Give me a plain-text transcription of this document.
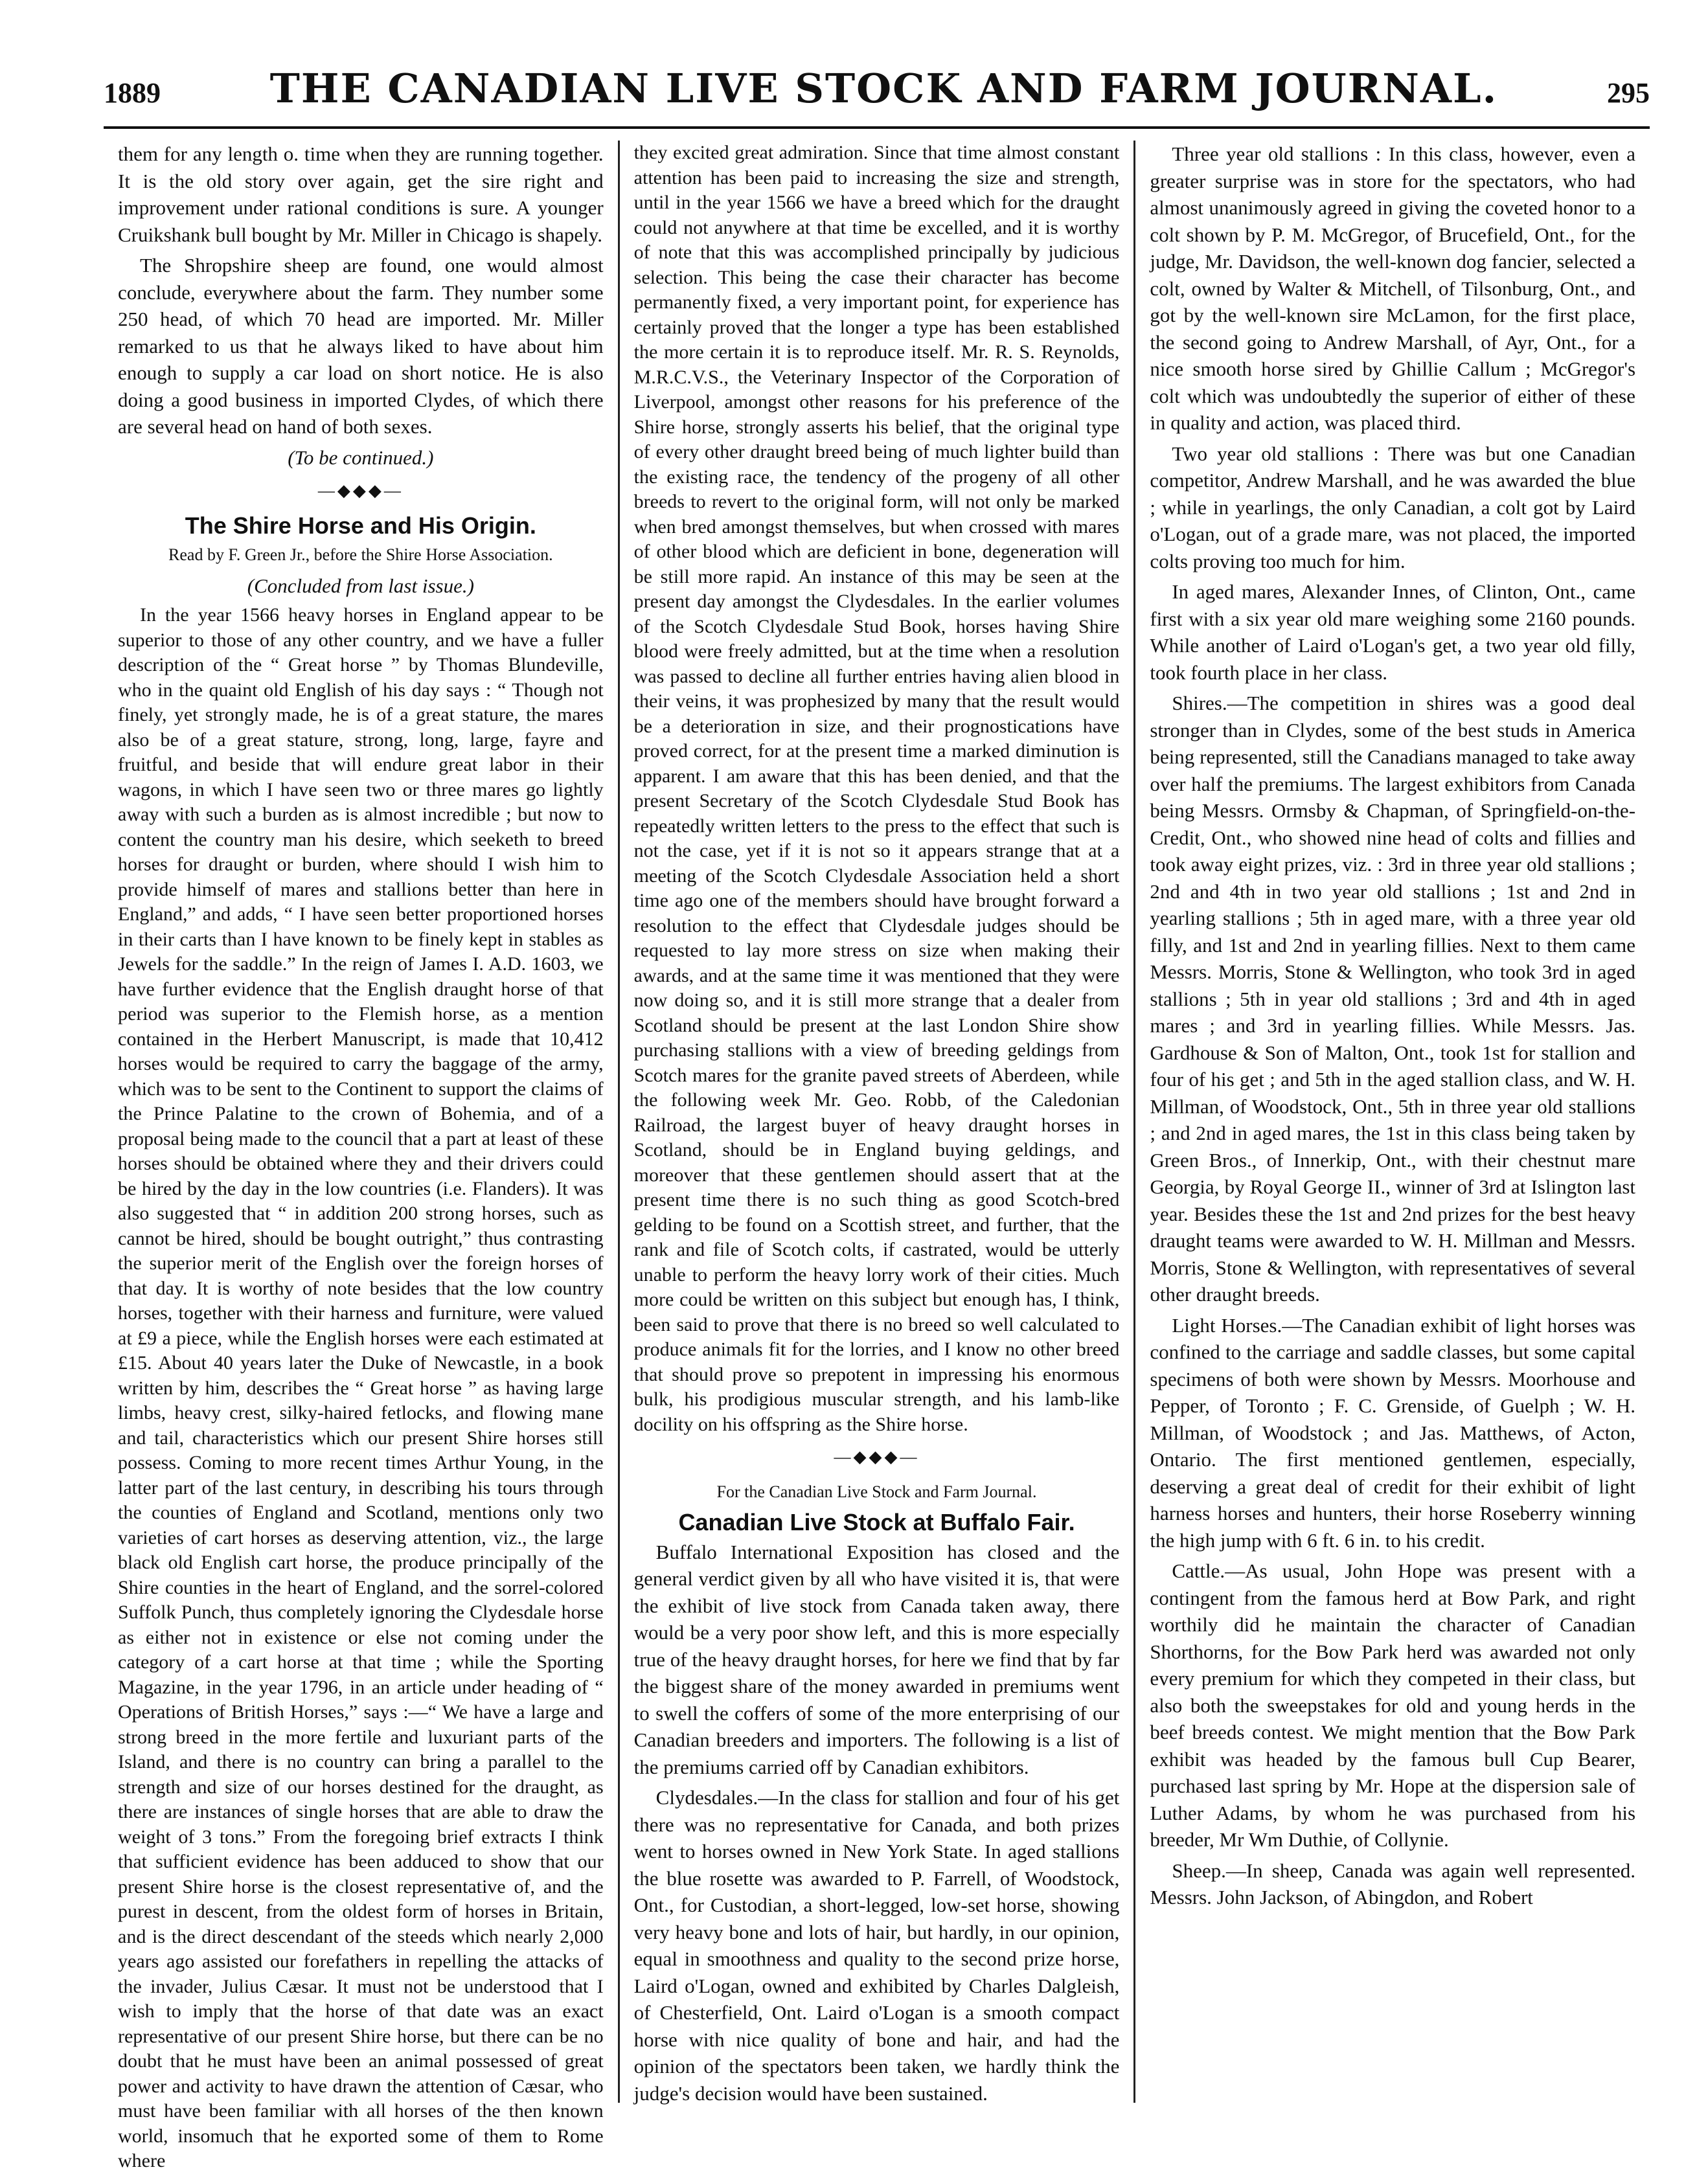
1889	THE CANADIAN LIVE STOCK AND FARM JOURNAL.	295

them for any length o. time when they are running together. It is the old story over again, get the sire right and improvement under rational conditions is sure. A younger Cruikshank bull bought by Mr. Miller in Chicago is shapely.

The Shropshire sheep are found, one would almost conclude, everywhere about the farm. They number some 250 head, of which 70 head are imported. Mr. Miller remarked to us that he always liked to have about him enough to supply a car load on short notice. He is also doing a good business in imported Clydes, of which there are several head on hand of both sexes.

(To be continued.)

—◆◆◆—
The Shire Horse and His Origin.
Read by F. Green Jr., before the Shire Horse Association.

(Concluded from last issue.)

In the year 1566 heavy horses in England appear to be superior to those of any other country, and we have a fuller description of the “ Great horse ” by Thomas Blundeville, who in the quaint old English of his day says : “ Though not finely, yet strongly made, he is of a great stature, the mares also be of a great stature, strong, long, large, fayre and fruitful, and beside that will endure great labor in their wagons, in which I have seen two or three mares go lightly away with such a burden as is almost incredible ; but now to content the country man his desire, which seeketh to breed horses for draught or burden, where should I wish him to provide himself of mares and stallions better than here in England,” and adds, “ I have seen better proportioned horses in their carts than I have known to be finely kept in stables as Jewels for the saddle.” In the reign of James I. A.D. 1603, we have further evidence that the English draught horse of that period was superior to the Flemish horse, as a mention contained in the Herbert Manuscript, is made that 10,412 horses would be required to carry the baggage of the army, which was to be sent to the Continent to support the claims of the Prince Palatine to the crown of Bohemia, and of a proposal being made to the council that a part at least of these horses should be obtained where they and their drivers could be hired by the day in the low countries (i.e. Flanders). It was also suggested that “ in addition 200 strong horses, such as cannot be hired, should be bought outright,” thus contrasting the superior merit of the English over the foreign horses of that day. It is worthy of note besides that the low country horses, together with their harness and furniture, were valued at £9 a piece, while the English horses were each estimated at £15. About 40 years later the Duke of Newcastle, in a book written by him, describes the “ Great horse ” as having large limbs, heavy crest, silky-haired fetlocks, and flowing mane and tail, characteristics which our present Shire horses still possess. Coming to more recent times Arthur Young, in the latter part of the last century, in describing his tours through the counties of England and Scotland, mentions only two varieties of cart horses as deserving attention, viz., the large black old English cart horse, the produce principally of the Shire counties in the heart of England, and the sorrel-colored Suffolk Punch, thus completely ignoring the Clydesdale horse as either not in existence or else not coming under the category of a cart horse at that time ; while the Sporting Magazine, in the year 1796, in an article under heading of “ Operations of British Horses,” says :—“ We have a large and strong breed in the more fertile and luxuriant parts of the Island, and there is no country can bring a parallel to the strength and size of our horses destined for the draught, as there are instances of single horses that are able to draw the weight of 3 tons.” From the foregoing brief extracts I think that sufficient evidence has been adduced to show that our present Shire horse is the closest representative of, and the purest in descent, from the oldest form of horses in Britain, and is the direct descendant of the steeds which nearly 2,000 years ago assisted our forefathers in repelling the attacks of the invader, Julius Cæsar. It must not be understood that I wish to imply that the horse of that date was an exact representative of our present Shire horse, but there can be no doubt that he must have been an animal possessed of great power and activity to have drawn the attention of Cæsar, who must have been familiar with all horses of the then known world, insomuch that he exported some of them to Rome where

they excited great admiration. Since that time almost constant attention has been paid to increasing the size and strength, until in the year 1566 we have a breed which for the draught could not anywhere at that time be excelled, and it is worthy of note that this was accomplished principally by judicious selection. This being the case their character has become permanently fixed, a very important point, for experience has certainly proved that the longer a type has been established the more certain it is to reproduce itself. Mr. R. S. Reynolds, M.R.C.V.S., the Veterinary Inspector of the Corporation of Liverpool, amongst other reasons for his preference of the Shire horse, strongly asserts his belief, that the original type of every other draught breed being of much lighter build than the existing race, the tendency of the progeny of all other breeds to revert to the original form, will not only be marked when bred amongst themselves, but when crossed with mares of other blood which are deficient in bone, degeneration will be still more rapid. An instance of this may be seen at the present day amongst the Clydesdales. In the earlier volumes of the Scotch Clydesdale Stud Book, horses having Shire blood were freely admitted, but at the time when a resolution was passed to decline all further entries having alien blood in their veins, it was prophesized by many that the result would be a deterioration in size, and their prognostications have proved correct, for at the present time a marked diminution is apparent. I am aware that this has been denied, and that the present Secretary of the Scotch Clydesdale Stud Book has repeatedly written letters to the press to the effect that such is not the case, yet if it is not so it appears strange that at a meeting of the Scotch Clydesdale Association held a short time ago one of the members should have brought forward a resolution to the effect that Clydesdale judges should be requested to lay more stress on size when making their awards, and at the same time it was mentioned that they were now doing so, and it is still more strange that a dealer from Scotland should be present at the last London Shire show purchasing stallions with a view of breeding geldings from Scotch mares for the granite paved streets of Aberdeen, while the following week Mr. Geo. Robb, of the Caledonian Railroad, the largest buyer of heavy draught horses in Scotland, should be in England buying geldings, and moreover that these gentlemen should assert that at the present time there is no such thing as good Scotch-bred gelding to be found on a Scottish street, and further, that the rank and file of Scotch colts, if castrated, would be utterly unable to perform the heavy lorry work of their cities. Much more could be written on this subject but enough has, I think, been said to prove that there is no breed so well calculated to produce animals fit for the lorries, and I know no other breed that should prove so prepotent in impressing his enormous bulk, his prodigious muscular strength, and his lamb-like docility on his offspring as the Shire horse.

—◆◆◆—
For the Canadian Live Stock and Farm Journal.
Canadian Live Stock at Buffalo Fair.

Buffalo International Exposition has closed and the general verdict given by all who have visited it is, that were the exhibit of live stock from Canada taken away, there would be a very poor show left, and this is more especially true of the heavy draught horses, for here we find that by far the biggest share of the money awarded in premiums went to swell the coffers of some of the more enterprising of our Canadian breeders and importers. The following is a list of the premiums carried off by Canadian exhibitors.

Clydesdales.—In the class for stallion and four of his get there was no representative for Canada, and both prizes went to horses owned in New York State. In aged stallions the blue rosette was awarded to P. Farrell, of Woodstock, Ont., for Custodian, a short-legged, low-set horse, showing very heavy bone and lots of hair, but hardly, in our opinion, equal in smoothness and quality to the second prize horse, Laird o'Logan, owned and exhibited by Charles Dalgleish, of Chesterfield, Ont. Laird o'Logan is a smooth compact horse with nice quality of bone and hair, and had the opinion of the spectators been taken, we hardly think the judge's decision would have been sustained.

Three year old stallions : In this class, however, even a greater surprise was in store for the spectators, who had almost unanimously agreed in giving the coveted honor to a colt shown by P. M. McGregor, of Brucefield, Ont., for the judge, Mr. Davidson, the well-known dog fancier, selected a colt, owned by Walter & Mitchell, of Tilsonburg, Ont., and got by the well-known sire McLamon, for the first place, the second going to Andrew Marshall, of Ayr, Ont., for a nice smooth horse sired by Ghillie Callum ; McGregor's colt which was undoubtedly the superior of either of these in quality and action, was placed third.

Two year old stallions : There was but one Canadian competitor, Andrew Marshall, and he was awarded the blue ; while in yearlings, the only Canadian, a colt got by Laird o'Logan, out of a grade mare, was not placed, the imported colts proving too much for him.

In aged mares, Alexander Innes, of Clinton, Ont., came first with a six year old mare weighing some 2160 pounds. While another of Laird o'Logan's get, a two year old filly, took fourth place in her class.

Shires.—The competition in shires was a good deal stronger than in Clydes, some of the best studs in America being represented, still the Canadians managed to take away over half the premiums. The largest exhibitors from Canada being Messrs. Ormsby & Chapman, of Springfield-on-the-Credit, Ont., who showed nine head of colts and fillies and took away eight prizes, viz. : 3rd in three year old stallions ; 2nd and 4th in two year old stallions ; 1st and 2nd in yearling stallions ; 5th in aged mare, with a three year old filly, and 1st and 2nd in yearling fillies. Next to them came Messrs. Morris, Stone & Wellington, who took 3rd in aged stallions ; 5th in year old stallions ; 3rd and 4th in aged mares ; and 3rd in yearling fillies. While Messrs. Jas. Gardhouse & Son of Malton, Ont., took 1st for stallion and four of his get ; and 5th in the aged stallion class, and W. H. Millman, of Woodstock, Ont., 5th in three year old stallions ; and 2nd in aged mares, the 1st in this class being taken by Green Bros., of Innerkip, Ont., with their chestnut mare Georgia, by Royal George II., winner of 3rd at Islington last year. Besides these the 1st and 2nd prizes for the best heavy draught teams were awarded to W. H. Millman and Messrs. Morris, Stone & Wellington, with representatives of several other draught breeds.

Light Horses.—The Canadian exhibit of light horses was confined to the carriage and saddle classes, but some capital specimens of both were shown by Messrs. Moorhouse and Pepper, of Toronto ; F. C. Grenside, of Guelph ; W. H. Millman, of Woodstock ; and Jas. Matthews, of Acton, Ontario. The first mentioned gentlemen, especially, deserving a great deal of credit for their exhibit of light harness horses and hunters, their horse Roseberry winning the high jump with 6 ft. 6 in. to his credit.

Cattle.—As usual, John Hope was present with a contingent from the famous herd at Bow Park, and right worthily did he maintain the character of Canadian Shorthorns, for the Bow Park herd was awarded not only every premium for which they competed in their class, but also both the sweepstakes for old and young herds in the beef breeds contest. We might mention that the Bow Park exhibit was headed by the famous bull Cup Bearer, purchased last spring by Mr. Hope at the dispersion sale of Luther Adams, by whom he was purchased from his breeder, Mr Wm Duthie, of Collynie.

Sheep.—In sheep, Canada was again well represented. Messrs. John Jackson, of Abingdon, and Robert
